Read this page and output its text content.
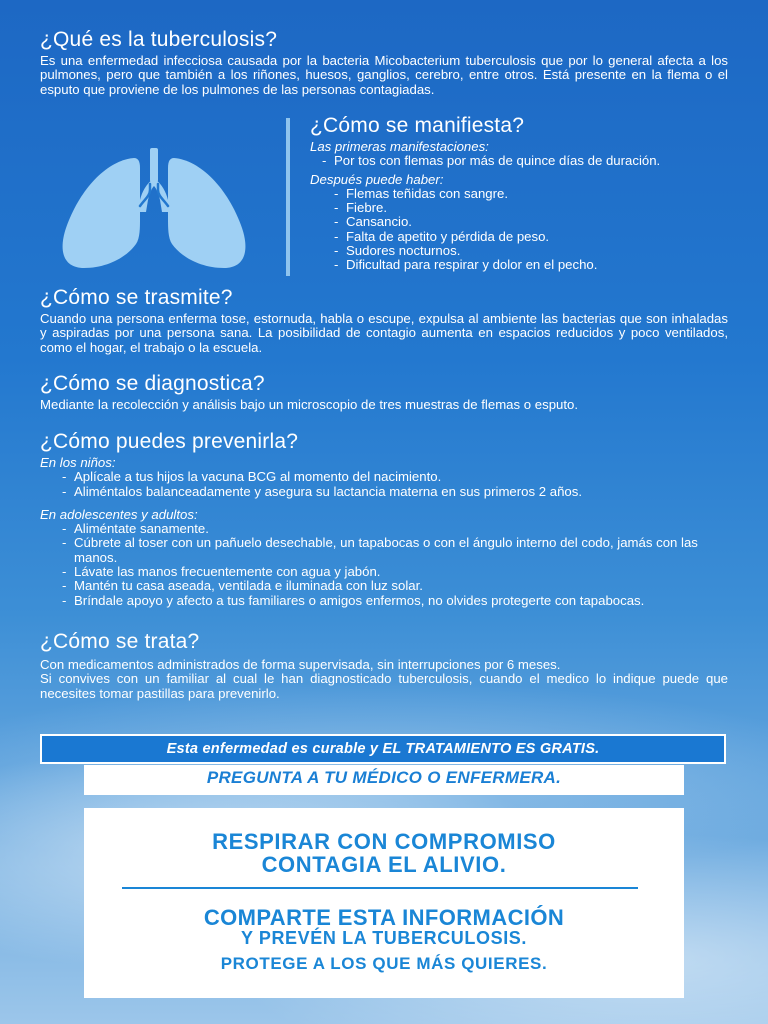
¿Qué es la tuberculosis?

Es una enfermedad infecciosa causada por la bacteria Micobacterium tuberculosis que por lo general afecta a los pulmones, pero que también a los riñones, huesos, ganglios, cerebro, entre otros. Está presente en la flema o el esputo que proviene de los pulmones de las personas contagiadas.

¿Cómo se manifiesta?

Las primeras manifestaciones:

- Por tos con flemas por más de quince días de duración.

Después puede haber:

- Flemas teñidas con sangre.
- Fiebre.
- Cansancio.
- Falta de apetito y pérdida de peso.
- Sudores nocturnos.
- Dificultad para respirar y dolor en el pecho.
¿Cómo se trasmite?

Cuando una persona enferma tose, estornuda, habla o escupe, expulsa al ambiente las bacterias que son inhaladas y aspiradas por una persona sana. La posibilidad de contagio aumenta en espacios reducidos y poco ventilados, como el hogar, el trabajo o la escuela.

¿Cómo se diagnostica?

Mediante la recolección y análisis bajo un microscopio de tres muestras de flemas o esputo.

¿Cómo puedes prevenirla?

En los niños:

- Aplícale a tus hijos la vacuna BCG al momento del nacimiento.
- Aliméntalos balanceadamente y asegura su lactancia materna en sus primeros 2 años.

En adolescentes y adultos:

- Aliméntate sanamente.
- Cúbrete al toser con un pañuelo desechable, un tapabocas o con el ángulo interno del codo, jamás con las manos.
- Lávate las manos frecuentemente con agua y jabón.
- Mantén tu casa aseada, ventilada e iluminada con luz solar.
- Bríndale apoyo y afecto a tus familiares o amigos enfermos, no olvides protegerte con tapabocas.
¿Cómo se trata?

Con medicamentos administrados de forma supervisada, sin interrupciones por 6 meses.

Si convives con un familiar al cual le han diagnosticado tuberculosis, cuando el medico lo indique puede que necesites tomar pastillas para prevenirlo.

Esta enfermedad es curable y EL TRATAMIENTO ES GRATIS.
PREGUNTA A TU MÉDICO O ENFERMERA.
RESPIRAR CON COMPROMISO
CONTAGIA EL ALIVIO.
COMPARTE ESTA INFORMACIÓN
Y PREVÉN LA TUBERCULOSIS.
PROTEGE A LOS QUE MÁS QUIERES.
